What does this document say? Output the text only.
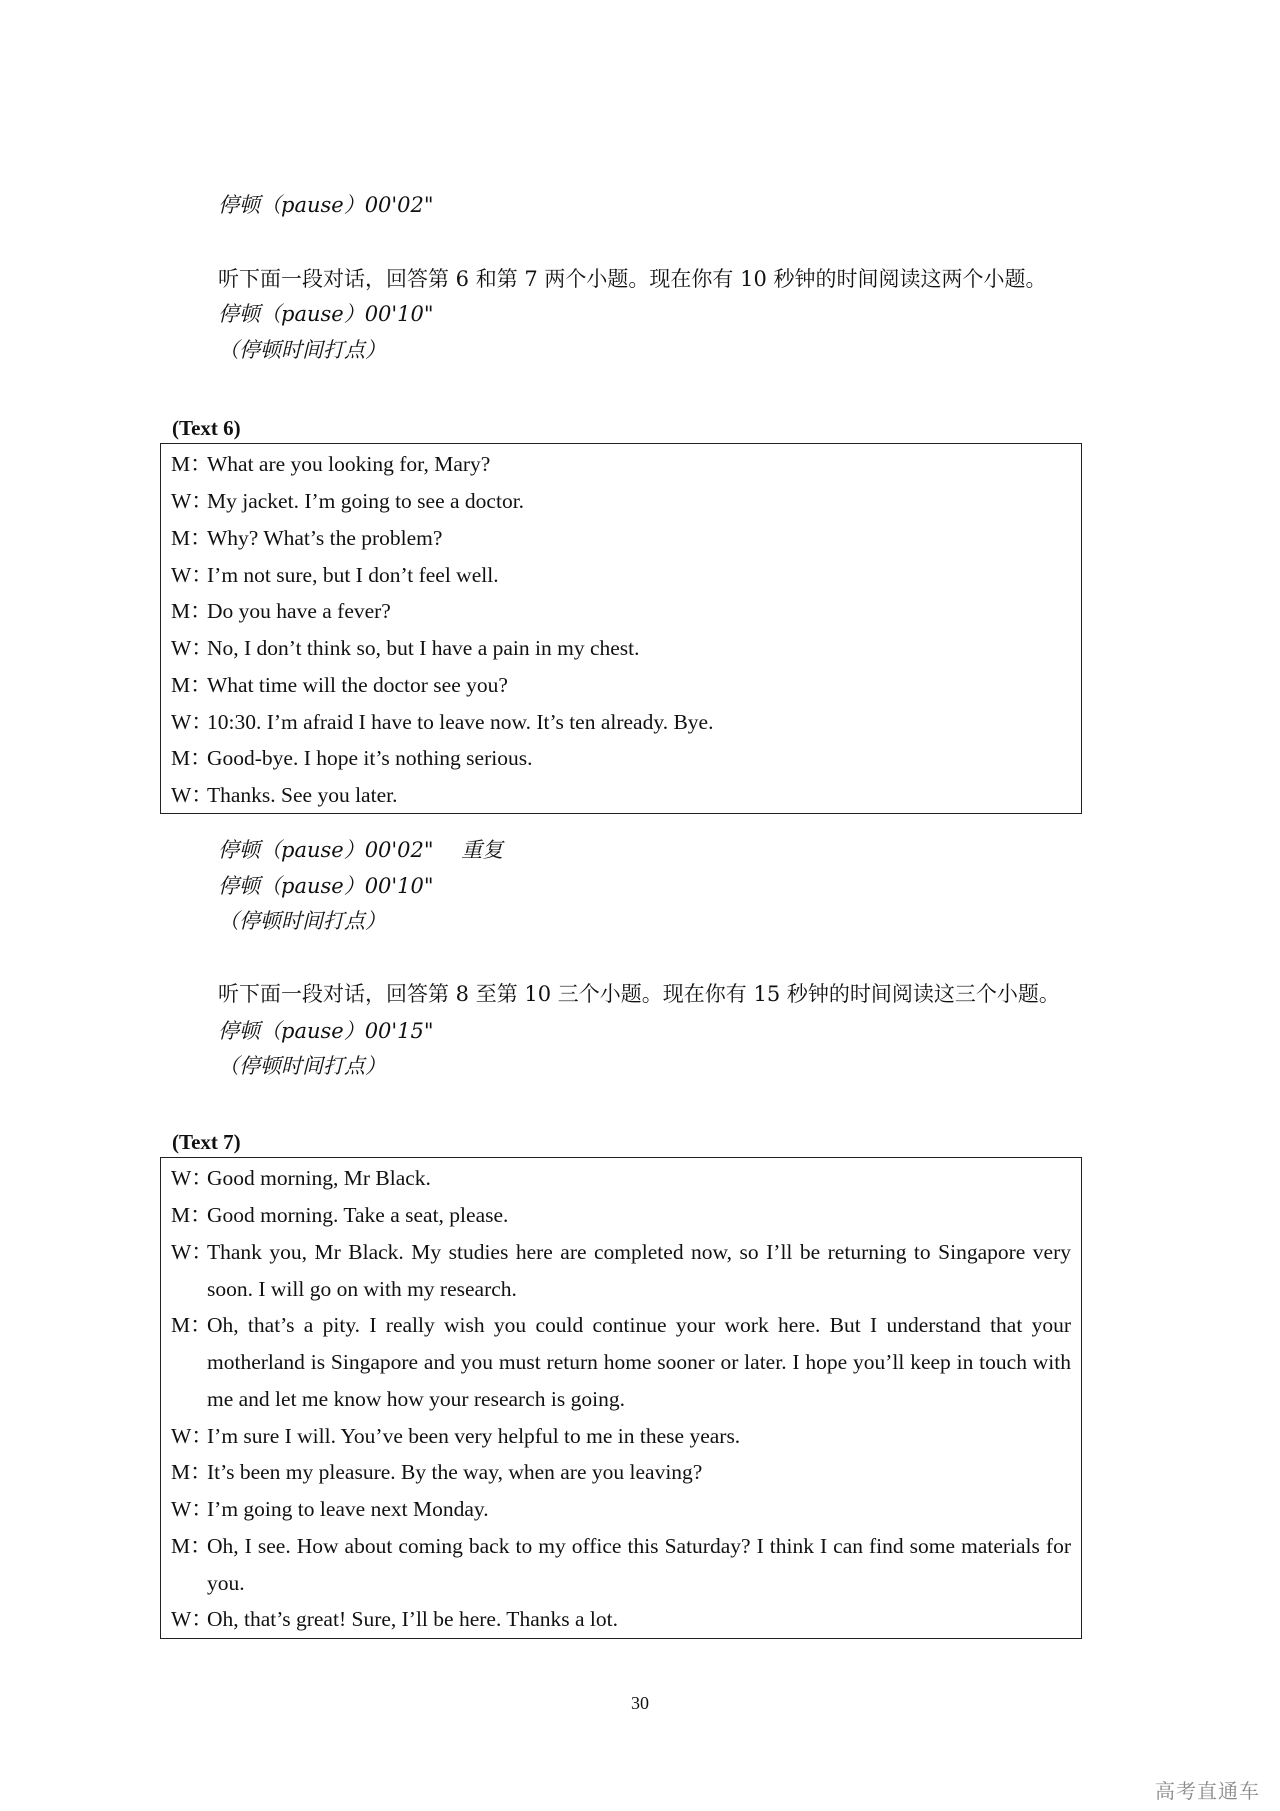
停顿（pause）00'02"
听下面一段对话，回答第 6 和第 7 两个小题。现在你有 10 秒钟的时间阅读这两个小题。
停顿（pause）00'10"
（停顿时间打点）
(Text 6)
M：What are you looking for, Mary?
W：My jacket. I’m going to see a doctor.
M：Why? What’s the problem?
W：I’m not sure, but I don’t feel well.
M：Do you have a fever?
W：No, I don’t think so, but I have a pain in my chest.
M：What time will the doctor see you?
W：10:30. I’m afraid I have to leave now. It’s ten already. Bye.
M：Good-bye. I hope it’s nothing serious.
W：Thanks. See you later.
停顿（pause）00'02"　 重复
停顿（pause）00'10"
（停顿时间打点）
听下面一段对话，回答第 8 至第 10 三个小题。现在你有 15 秒钟的时间阅读这三个小题。
停顿（pause）00'15"
（停顿时间打点）
(Text 7)
W：Good morning, Mr Black.
M：Good morning. Take a seat, please.
W：
Thank you, Mr Black. My studies here are completed now, so I’ll be returning to Singapore very soon. I will go on with my research.
M：
Oh, that’s a pity. I really wish you could continue your work here. But I understand that your motherland is Singapore and you must return home sooner or later. I hope you’ll keep in touch with me and let me know how your research is going.
W：I’m sure I will. You’ve been very helpful to me in these years.
M：It’s been my pleasure. By the way, when are you leaving?
W：I’m going to leave next Monday.
M：
Oh, I see. How about coming back to my office this Saturday? I think I can find some materials for you.
W：Oh, that’s great! Sure, I’ll be here. Thanks a lot.
30
高考直通车
